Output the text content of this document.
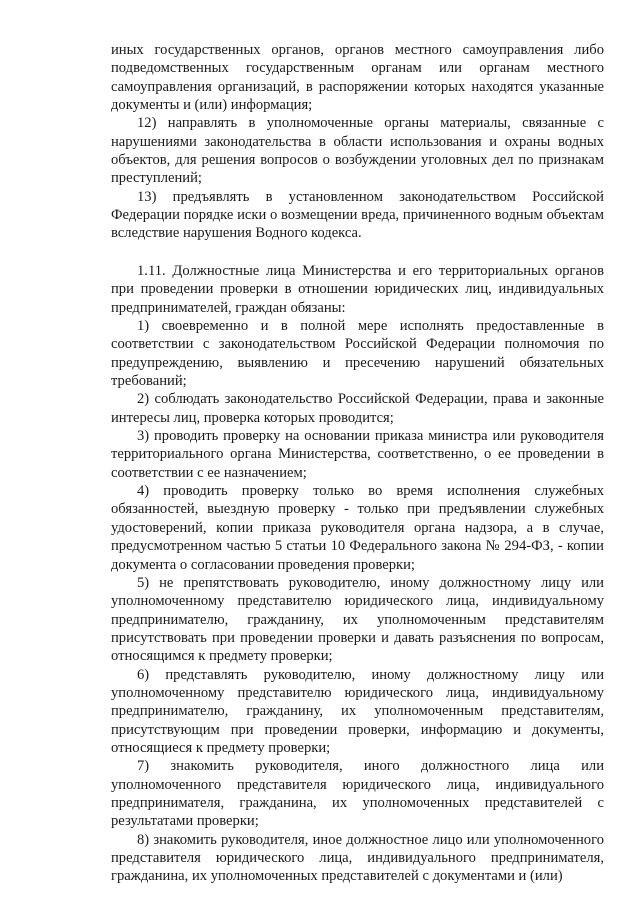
иных государственных органов, органов местного самоуправления либо подведомственных государственным органам или органам местного самоуправления организаций, в распоряжении которых находятся указанные документы и (или) информация;

12) направлять в уполномоченные органы материалы, связанные с нарушениями законодательства в области использования и охраны водных объектов, для решения вопросов о возбуждении уголовных дел по признакам преступлений;

13) предъявлять в установленном законодательством Российской Федерации порядке иски о возмещении вреда, причиненного водным объектам вследствие нарушения Водного кодекса.

1.11. Должностные лица Министерства и его территориальных органов при проведении проверки в отношении юридических лиц, индивидуальных предпринимателей, граждан обязаны:

1) своевременно и в полной мере исполнять предоставленные в соответствии с законодательством Российской Федерации полномочия по предупреждению, выявлению и пресечению нарушений обязательных требований;

2) соблюдать законодательство Российской Федерации, права и законные интересы лиц, проверка которых проводится;

3) проводить проверку на основании приказа министра или руководителя территориального органа Министерства, соответственно, о ее проведении в соответствии с ее назначением;

4) проводить проверку только во время исполнения служебных обязанностей, выездную проверку - только при предъявлении служебных удостоверений, копии приказа руководителя органа надзора, а в случае, предусмотренном частью 5 статьи 10 Федерального закона № 294-ФЗ, - копии документа о согласовании проведения проверки;

5) не препятствовать руководителю, иному должностному лицу или уполномоченному представителю юридического лица, индивидуальному предпринимателю, гражданину, их уполномоченным представителям присутствовать при проведении проверки и давать разъяснения по вопросам, относящимся к предмету проверки;

6) представлять руководителю, иному должностному лицу или уполномоченному представителю юридического лица, индивидуальному предпринимателю, гражданину, их уполномоченным представителям, присутствующим при проведении проверки, информацию и документы, относящиеся к предмету проверки;

7) знакомить руководителя, иного должностного лица или уполномоченного представителя юридического лица, индивидуального предпринимателя, гражданина, их уполномоченных представителей с результатами проверки;

8) знакомить руководителя, иное должностное лицо или уполномоченного представителя юридического лица, индивидуального предпринимателя, гражданина, их уполномоченных представителей с документами и (или)
